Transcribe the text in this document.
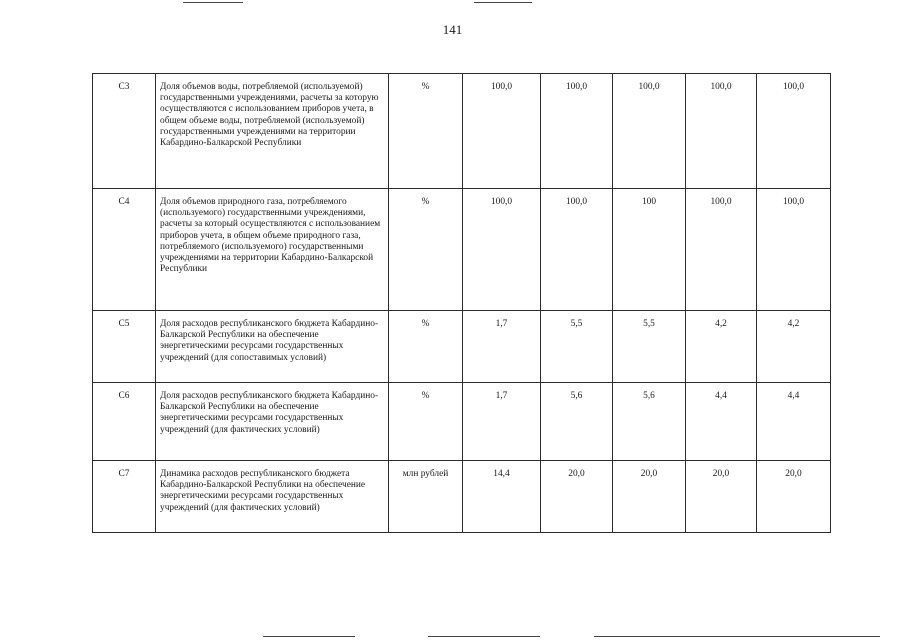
141
С3	Доля объемов воды, потребляемой (используемой) государственными учреждениями, расчеты за которую осуществляются с использованием приборов учета, в общем объеме воды, потребляемой (используемой) государственными учреждениями на территории Кабардино-Балкарской Республики	%	100,0	100,0	100,0	100,0	100,0
С4	Доля объемов природного газа, потребляемого (используемого) государственными учреждениями, расчеты за который осуществляются с использованием приборов учета, в общем объеме природного газа, потребляемого (используемого) государственными учреждениями на территории Кабардино-Балкарской Республики	%	100,0	100,0	100	100,0	100,0
С5	Доля расходов республиканского бюджета Кабардино-Балкарской Республики на обеспечение энергетическими ресурсами государственных учреждений (для сопоставимых условий)	%	1,7	5,5	5,5	4,2	4,2
С6	Доля расходов республиканского бюджета Кабардино-Балкарской Республики на обеспечение энергетическими ресурсами государственных учреждений (для фактических условий)	%	1,7	5,6	5,6	4,4	4,4
С7	Динамика расходов республиканского бюджета Кабардино-Балкарской Республики на обеспечение энергетическими ресурсами государственных учреждений (для фактических условий)	млн рублей	14,4	20,0	20,0	20,0	20,0
